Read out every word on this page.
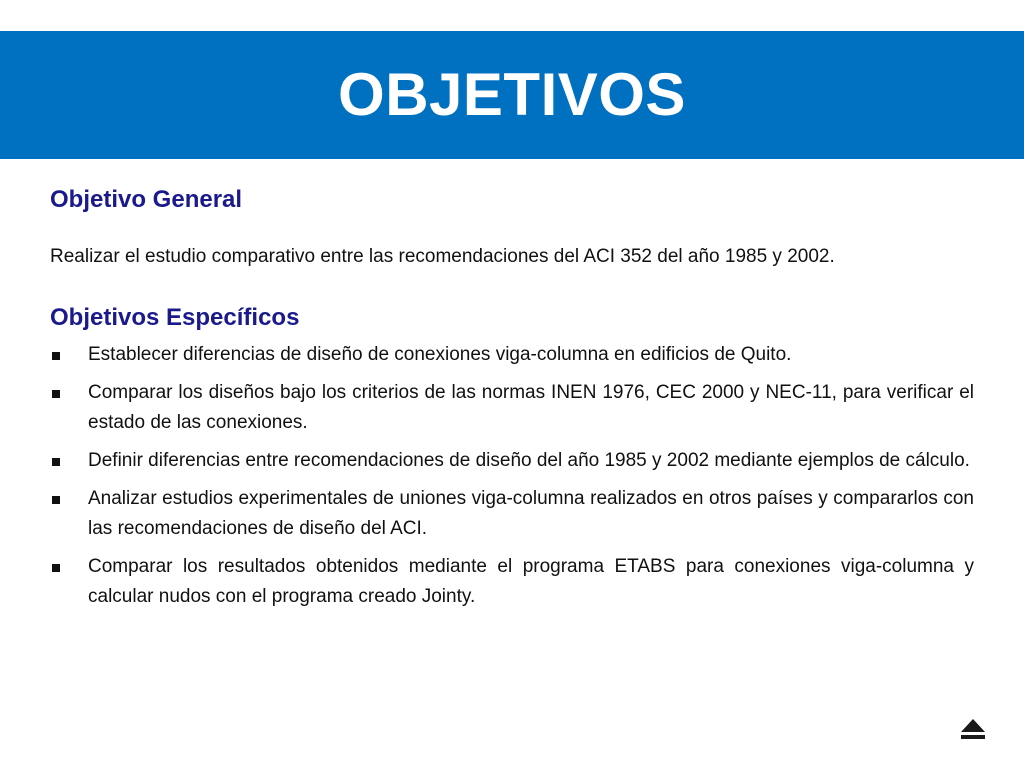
OBJETIVOS
Objetivo General

Realizar el estudio comparativo entre las recomendaciones del ACI 352 del año 1985 y 2002.

Objetivos Específicos
Establecer diferencias de diseño de conexiones viga-columna en edificios de Quito.
Comparar los diseños bajo los criterios de las normas INEN 1976, CEC 2000 y NEC-11, para verificar el estado de las conexiones.
Definir diferencias entre recomendaciones de diseño del año 1985 y 2002 mediante ejemplos de cálculo.
Analizar estudios experimentales de uniones viga-columna realizados en otros países y compararlos con las recomendaciones de diseño del ACI.
Comparar los resultados obtenidos mediante el programa ETABS para conexiones viga-columna y calcular nudos con el programa creado Jointy.
